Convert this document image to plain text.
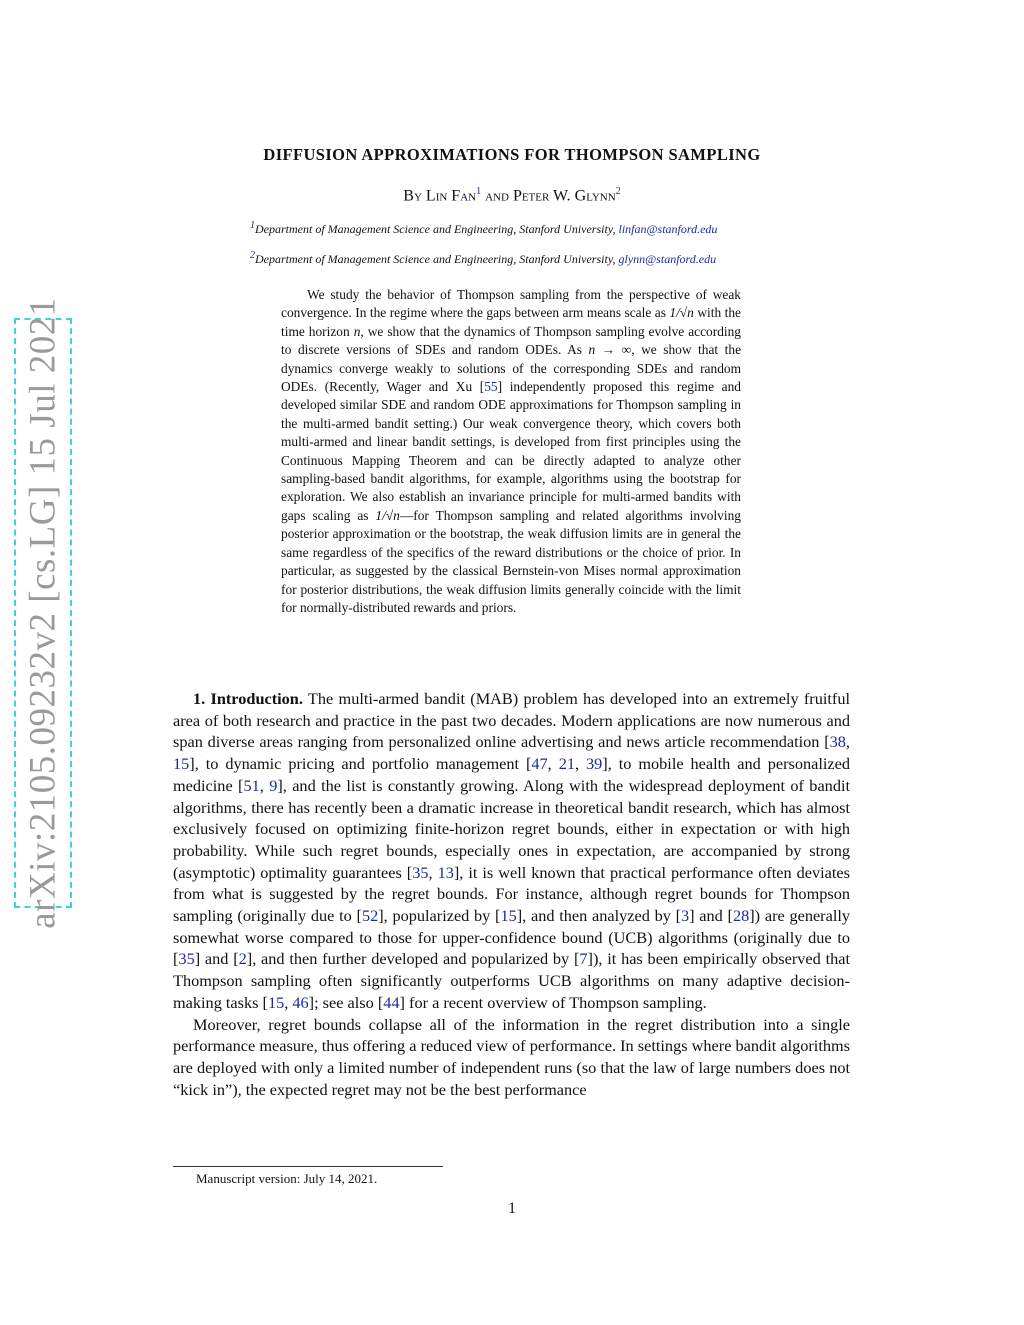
arXiv:2105.09232v2 [cs.LG] 15 Jul 2021
DIFFUSION APPROXIMATIONS FOR THOMPSON SAMPLING
By Lin Fan$^1$ and Peter W. Glynn$^2$
$^1$Department of Management Science and Engineering, Stanford University, linfan@stanford.edu
$^2$Department of Management Science and Engineering, Stanford University, glynn@stanford.edu
We study the behavior of Thompson sampling from the perspective of weak convergence. In the regime where the gaps between arm means scale as 1/√n with the time horizon n, we show that the dynamics of Thompson sampling evolve according to discrete versions of SDEs and random ODEs. As n → ∞, we show that the dynamics converge weakly to solutions of the corresponding SDEs and random ODEs. (Recently, Wager and Xu [55] independently proposed this regime and developed similar SDE and random ODE approximations for Thompson sampling in the multi-armed bandit setting.) Our weak convergence theory, which covers both multi-armed and linear bandit settings, is developed from first principles using the Continuous Mapping Theorem and can be directly adapted to analyze other sampling-based bandit algorithms, for example, algorithms using the bootstrap for exploration. We also establish an invariance principle for multi-armed bandits with gaps scaling as 1/√n—for Thompson sampling and related algorithms involving posterior approximation or the bootstrap, the weak diffusion limits are in general the same regardless of the specifics of the reward distributions or the choice of prior. In particular, as suggested by the classical Bernstein-von Mises normal approximation for posterior distributions, the weak diffusion limits generally coincide with the limit for normally-distributed rewards and priors.

1. Introduction. The multi-armed bandit (MAB) problem has developed into an extremely fruitful area of both research and practice in the past two decades. Modern applications are now numerous and span diverse areas ranging from personalized online advertising and news article recommendation [38, 15], to dynamic pricing and portfolio management [47, 21, 39], to mobile health and personalized medicine [51, 9], and the list is constantly growing. Along with the widespread deployment of bandit algorithms, there has recently been a dramatic increase in theoretical bandit research, which has almost exclusively focused on optimizing finite-horizon regret bounds, either in expectation or with high probability. While such regret bounds, especially ones in expectation, are accompanied by strong (asymptotic) optimality guarantees [35, 13], it is well known that practical performance often deviates from what is suggested by the regret bounds. For instance, although regret bounds for Thompson sampling (originally due to [52], popularized by [15], and then analyzed by [3] and [28]) are generally somewhat worse compared to those for upper-confidence bound (UCB) algorithms (originally due to [35] and [2], and then further developed and popularized by [7]), it has been empirically observed that Thompson sampling often significantly outperforms UCB algorithms on many adaptive decision-making tasks [15, 46]; see also [44] for a recent overview of Thompson sampling.

Moreover, regret bounds collapse all of the information in the regret distribution into a single performance measure, thus offering a reduced view of performance. In settings where bandit algorithms are deployed with only a limited number of independent runs (so that the law of large numbers does not “kick in”), the expected regret may not be the best performance

Manuscript version: July 14, 2021.
1
